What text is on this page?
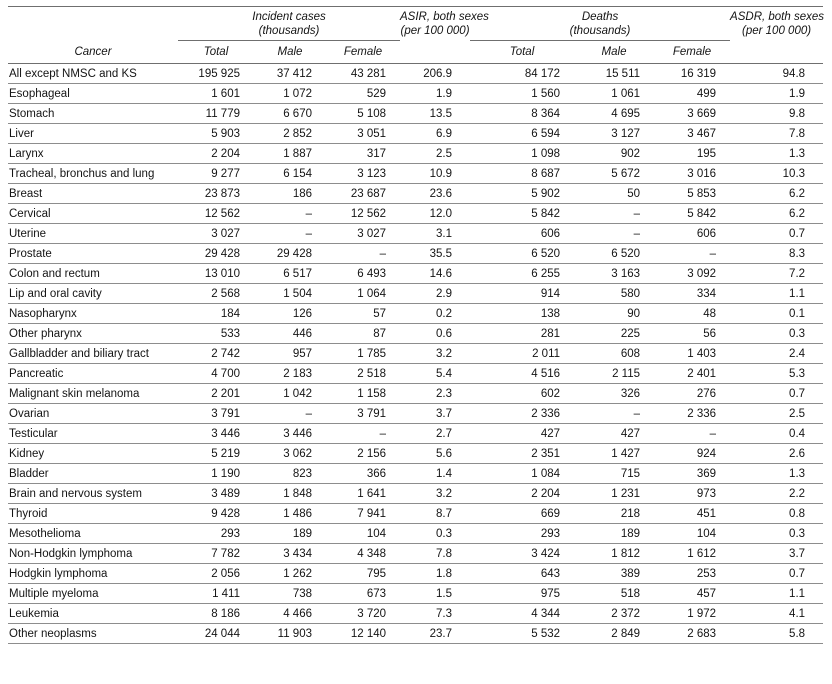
	Incident cases
(thousands)			ASIR, both sexes
(per 100 000)	Deaths
(thousands)			ASDR, both sexes
(per 100 000)

Cancer	Total	Male	Female		Total	Male	Female	
All except NMSC and KS	195 925	37 412	43 281	206.9	84 172	15 511	16 319	94.8
Esophageal	1 601	1 072	529	1.9	1 560	1 061	499	1.9
Stomach	11 779	6 670	5 108	13.5	8 364	4 695	3 669	9.8
Liver	5 903	2 852	3 051	6.9	6 594	3 127	3 467	7.8
Larynx	2 204	1 887	317	2.5	1 098	902	195	1.3
Tracheal, bronchus and lung	9 277	6 154	3 123	10.9	8 687	5 672	3 016	10.3
Breast	23 873	186	23 687	23.6	5 902	50	5 853	6.2
Cervical	12 562	–	12 562	12.0	5 842	–	5 842	6.2
Uterine	3 027	–	3 027	3.1	606	–	606	0.7
Prostate	29 428	29 428	–	35.5	6 520	6 520	–	8.3
Colon and rectum	13 010	6 517	6 493	14.6	6 255	3 163	3 092	7.2
Lip and oral cavity	2 568	1 504	1 064	2.9	914	580	334	1.1
Nasopharynx	184	126	57	0.2	138	90	48	0.1
Other pharynx	533	446	87	0.6	281	225	56	0.3
Gallbladder and biliary tract	2 742	957	1 785	3.2	2 011	608	1 403	2.4
Pancreatic	4 700	2 183	2 518	5.4	4 516	2 115	2 401	5.3
Malignant skin melanoma	2 201	1 042	1 158	2.3	602	326	276	0.7
Ovarian	3 791	–	3 791	3.7	2 336	–	2 336	2.5
Testicular	3 446	3 446	–	2.7	427	427	–	0.4
Kidney	5 219	3 062	2 156	5.6	2 351	1 427	924	2.6
Bladder	1 190	823	366	1.4	1 084	715	369	1.3
Brain and nervous system	3 489	1 848	1 641	3.2	2 204	1 231	973	2.2
Thyroid	9 428	1 486	7 941	8.7	669	218	451	0.8
Mesothelioma	293	189	104	0.3	293	189	104	0.3
Non-Hodgkin lymphoma	7 782	3 434	4 348	7.8	3 424	1 812	1 612	3.7
Hodgkin lymphoma	2 056	1 262	795	1.8	643	389	253	0.7
Multiple myeloma	1 411	738	673	1.5	975	518	457	1.1
Leukemia	8 186	4 466	3 720	7.3	4 344	2 372	1 972	4.1
Other neoplasms	24 044	11 903	12 140	23.7	5 532	2 849	2 683	5.8
